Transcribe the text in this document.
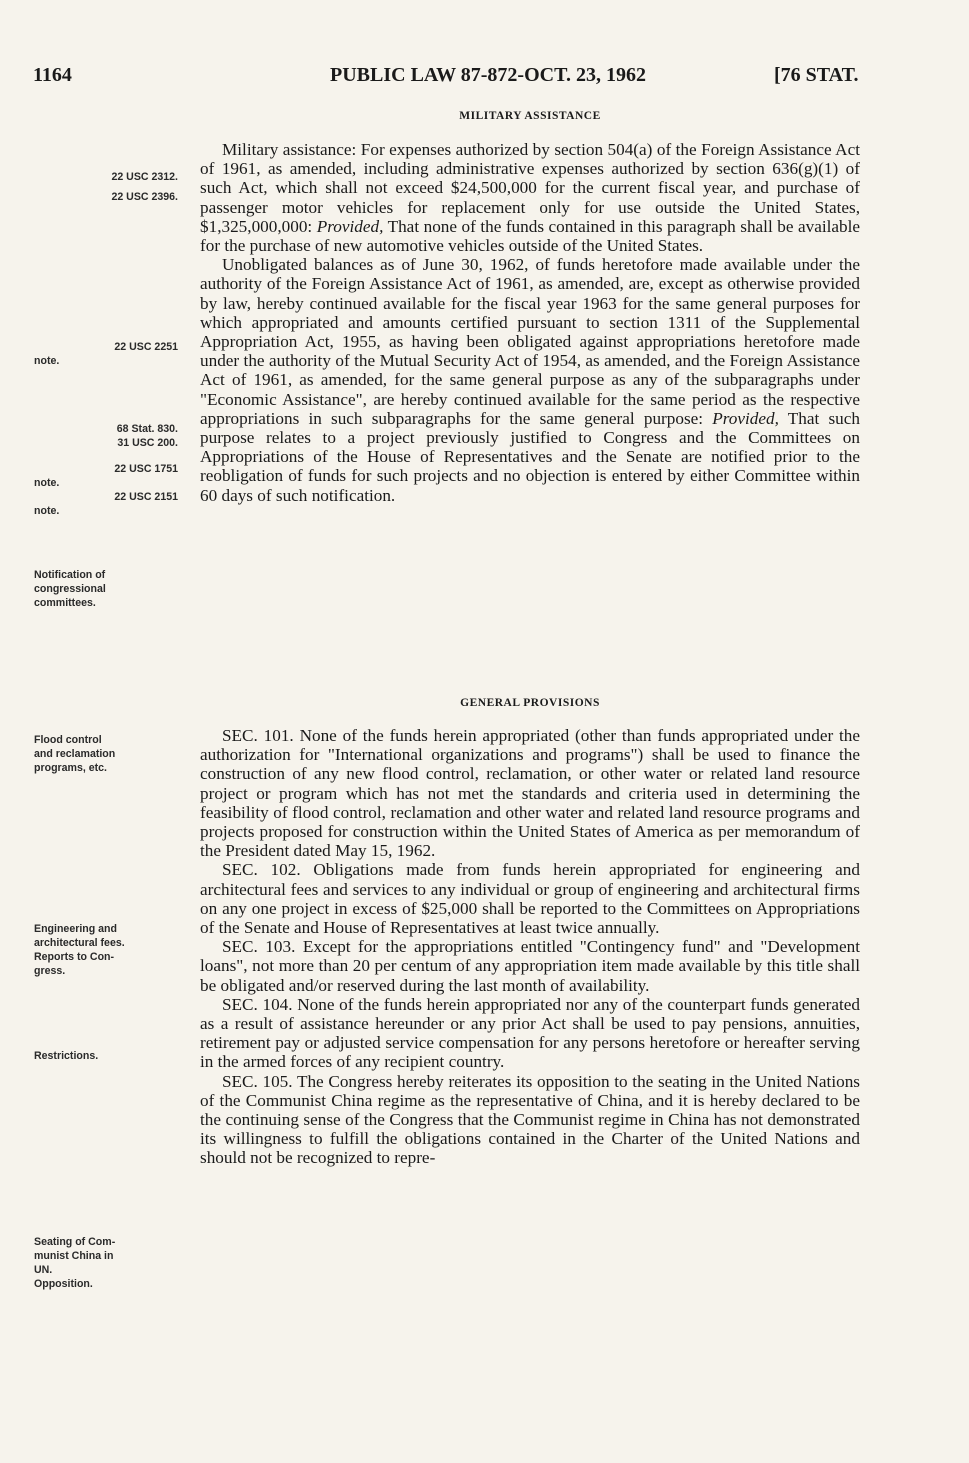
1164	PUBLIC LAW 87-872-OCT. 23, 1962	[76 STAT.
MILITARY ASSISTANCE

Military assistance: For expenses authorized by section 504(a) of the Foreign Assistance Act of 1961, as amended, including administrative expenses authorized by section 636(g)(1) of such Act, which shall not exceed $24,500,000 for the current fiscal year, and purchase of passenger motor vehicles for replacement only for use outside the United States, $1,325,000,000: Provided, That none of the funds contained in this paragraph shall be available for the purchase of new automotive vehicles outside of the United States.

Unobligated balances as of June 30, 1962, of funds heretofore made available under the authority of the Foreign Assistance Act of 1961, as amended, are, except as otherwise provided by law, hereby continued available for the fiscal year 1963 for the same general purposes for which appropriated and amounts certified pursuant to section 1311 of the Supplemental Appropriation Act, 1955, as having been obligated against appropriations heretofore made under the authority of the Mutual Security Act of 1954, as amended, and the Foreign Assistance Act of 1961, as amended, for the same general purpose as any of the subparagraphs under "Economic Assistance", are hereby continued available for the same period as the respective appropriations in such subparagraphs for the same general purpose: Provided, That such purpose relates to a project previously justified to Congress and the Committees on Appropriations of the House of Representatives and the Senate are notified prior to the reobligation of funds for such projects and no objection is entered by either Committee within 60 days of such notification.

GENERAL PROVISIONS

SEC. 101. None of the funds herein appropriated (other than funds appropriated under the authorization for "International organizations and programs") shall be used to finance the construction of any new flood control, reclamation, or other water or related land resource project or program which has not met the standards and criteria used in determining the feasibility of flood control, reclamation and other water and related land resource programs and projects proposed for construction within the United States of America as per memorandum of the President dated May 15, 1962.

SEC. 102. Obligations made from funds herein appropriated for engineering and architectural fees and services to any individual or group of engineering and architectural firms on any one project in excess of $25,000 shall be reported to the Committees on Appropriations of the Senate and House of Representatives at least twice annually.

SEC. 103. Except for the appropriations entitled "Contingency fund" and "Development loans", not more than 20 per centum of any appropriation item made available by this title shall be obligated and/or reserved during the last month of availability.

SEC. 104. None of the funds herein appropriated nor any of the counterpart funds generated as a result of assistance hereunder or any prior Act shall be used to pay pensions, annuities, retirement pay or adjusted service compensation for any persons heretofore or hereafter serving in the armed forces of any recipient country.

SEC. 105. The Congress hereby reiterates its opposition to the seating in the United Nations of the Communist China regime as the representative of China, and it is hereby declared to be the continuing sense of the Congress that the Communist regime in China has not demonstrated its willingness to fulfill the obligations contained in the Charter of the United Nations and should not be recognized to repre-

22 USC 2312.
22 USC 2396.
22 USC 2251
note.
68 Stat. 830.
31 USC 200.
22 USC 1751
note.
22 USC 2151
note.
Notification of
congressional
committees.
Flood control
and reclamation
programs, etc.
Engineering and
architectural fees.
Reports to Con-
gress.
Restrictions.
Seating of Com-
munist China in
UN.
Opposition.
